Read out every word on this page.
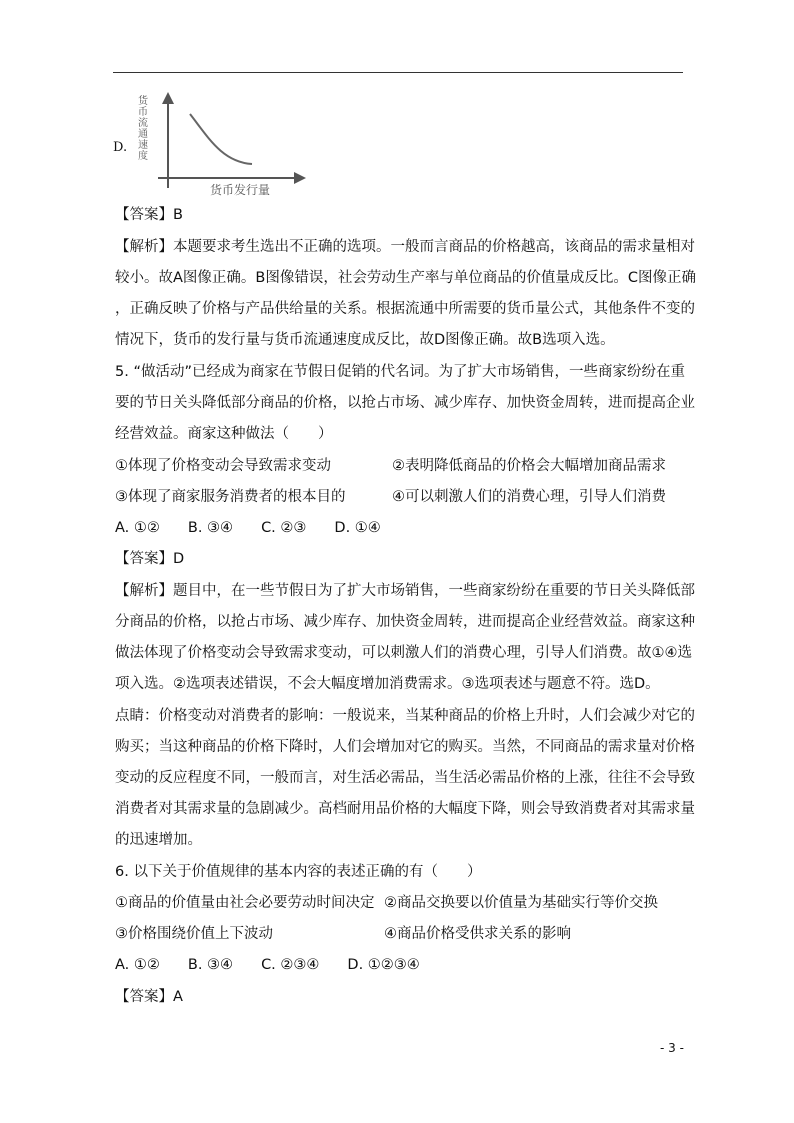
D.
货币流通速度
货币发行量
【答案】B
【解析】本题要求考生选出不正确的选项。一般而言商品的价格越高，该商品的需求量相对
较小。故A图像正确。B图像错误，社会劳动生产率与单位商品的价值量成反比。C图像正确
，正确反映了价格与产品供给量的关系。根据流通中所需要的货币量公式，其他条件不变的
情况下，货币的发行量与货币流通速度成反比，故D图像正确。故B选项入选。
5. “做活动”已经成为商家在节假日促销的代名词。为了扩大市场销售，一些商家纷纷在重
要的节日关头降低部分商品的价格，以抢占市场、减少库存、加快资金周转，进而提高企业
经营效益。商家这种做法（　　）
①体现了价格变动会导致需求变动	②表明降低商品的价格会大幅增加商品需求
③体现了商家服务消费者的根本目的	④可以刺激人们的消费心理，引导人们消费
A. ①② B. ③④ C. ②③ D. ①④
【答案】D
【解析】题目中，在一些节假日为了扩大市场销售，一些商家纷纷在重要的节日关头降低部
分商品的价格，以抢占市场、减少库存、加快资金周转，进而提高企业经营效益。商家这种
做法体现了价格变动会导致需求变动，可以刺激人们的消费心理，引导人们消费。故①④选
项入选。②选项表述错误，不会大幅度增加消费需求。③选项表述与题意不符。选D。
点睛：价格变动对消费者的影响：一般说来，当某种商品的价格上升时，人们会减少对它的
购买；当这种商品的价格下降时，人们会增加对它的购买。当然，不同商品的需求量对价格
变动的反应程度不同，一般而言，对生活必需品，当生活必需品价格的上涨，往往不会导致
消费者对其需求量的急剧减少。高档耐用品价格的大幅度下降，则会导致消费者对其需求量
的迅速增加。
6. 以下关于价值规律的基本内容的表述正确的有（　　）
①商品的价值量由社会必要劳动时间决定 ②商品交换要以价值量为基础实行等价交换
③价格围绕价值上下波动	④商品价格受供求关系的影响
A. ①② B. ③④ C. ②③④ D. ①②③④
【答案】A
- 3 -
